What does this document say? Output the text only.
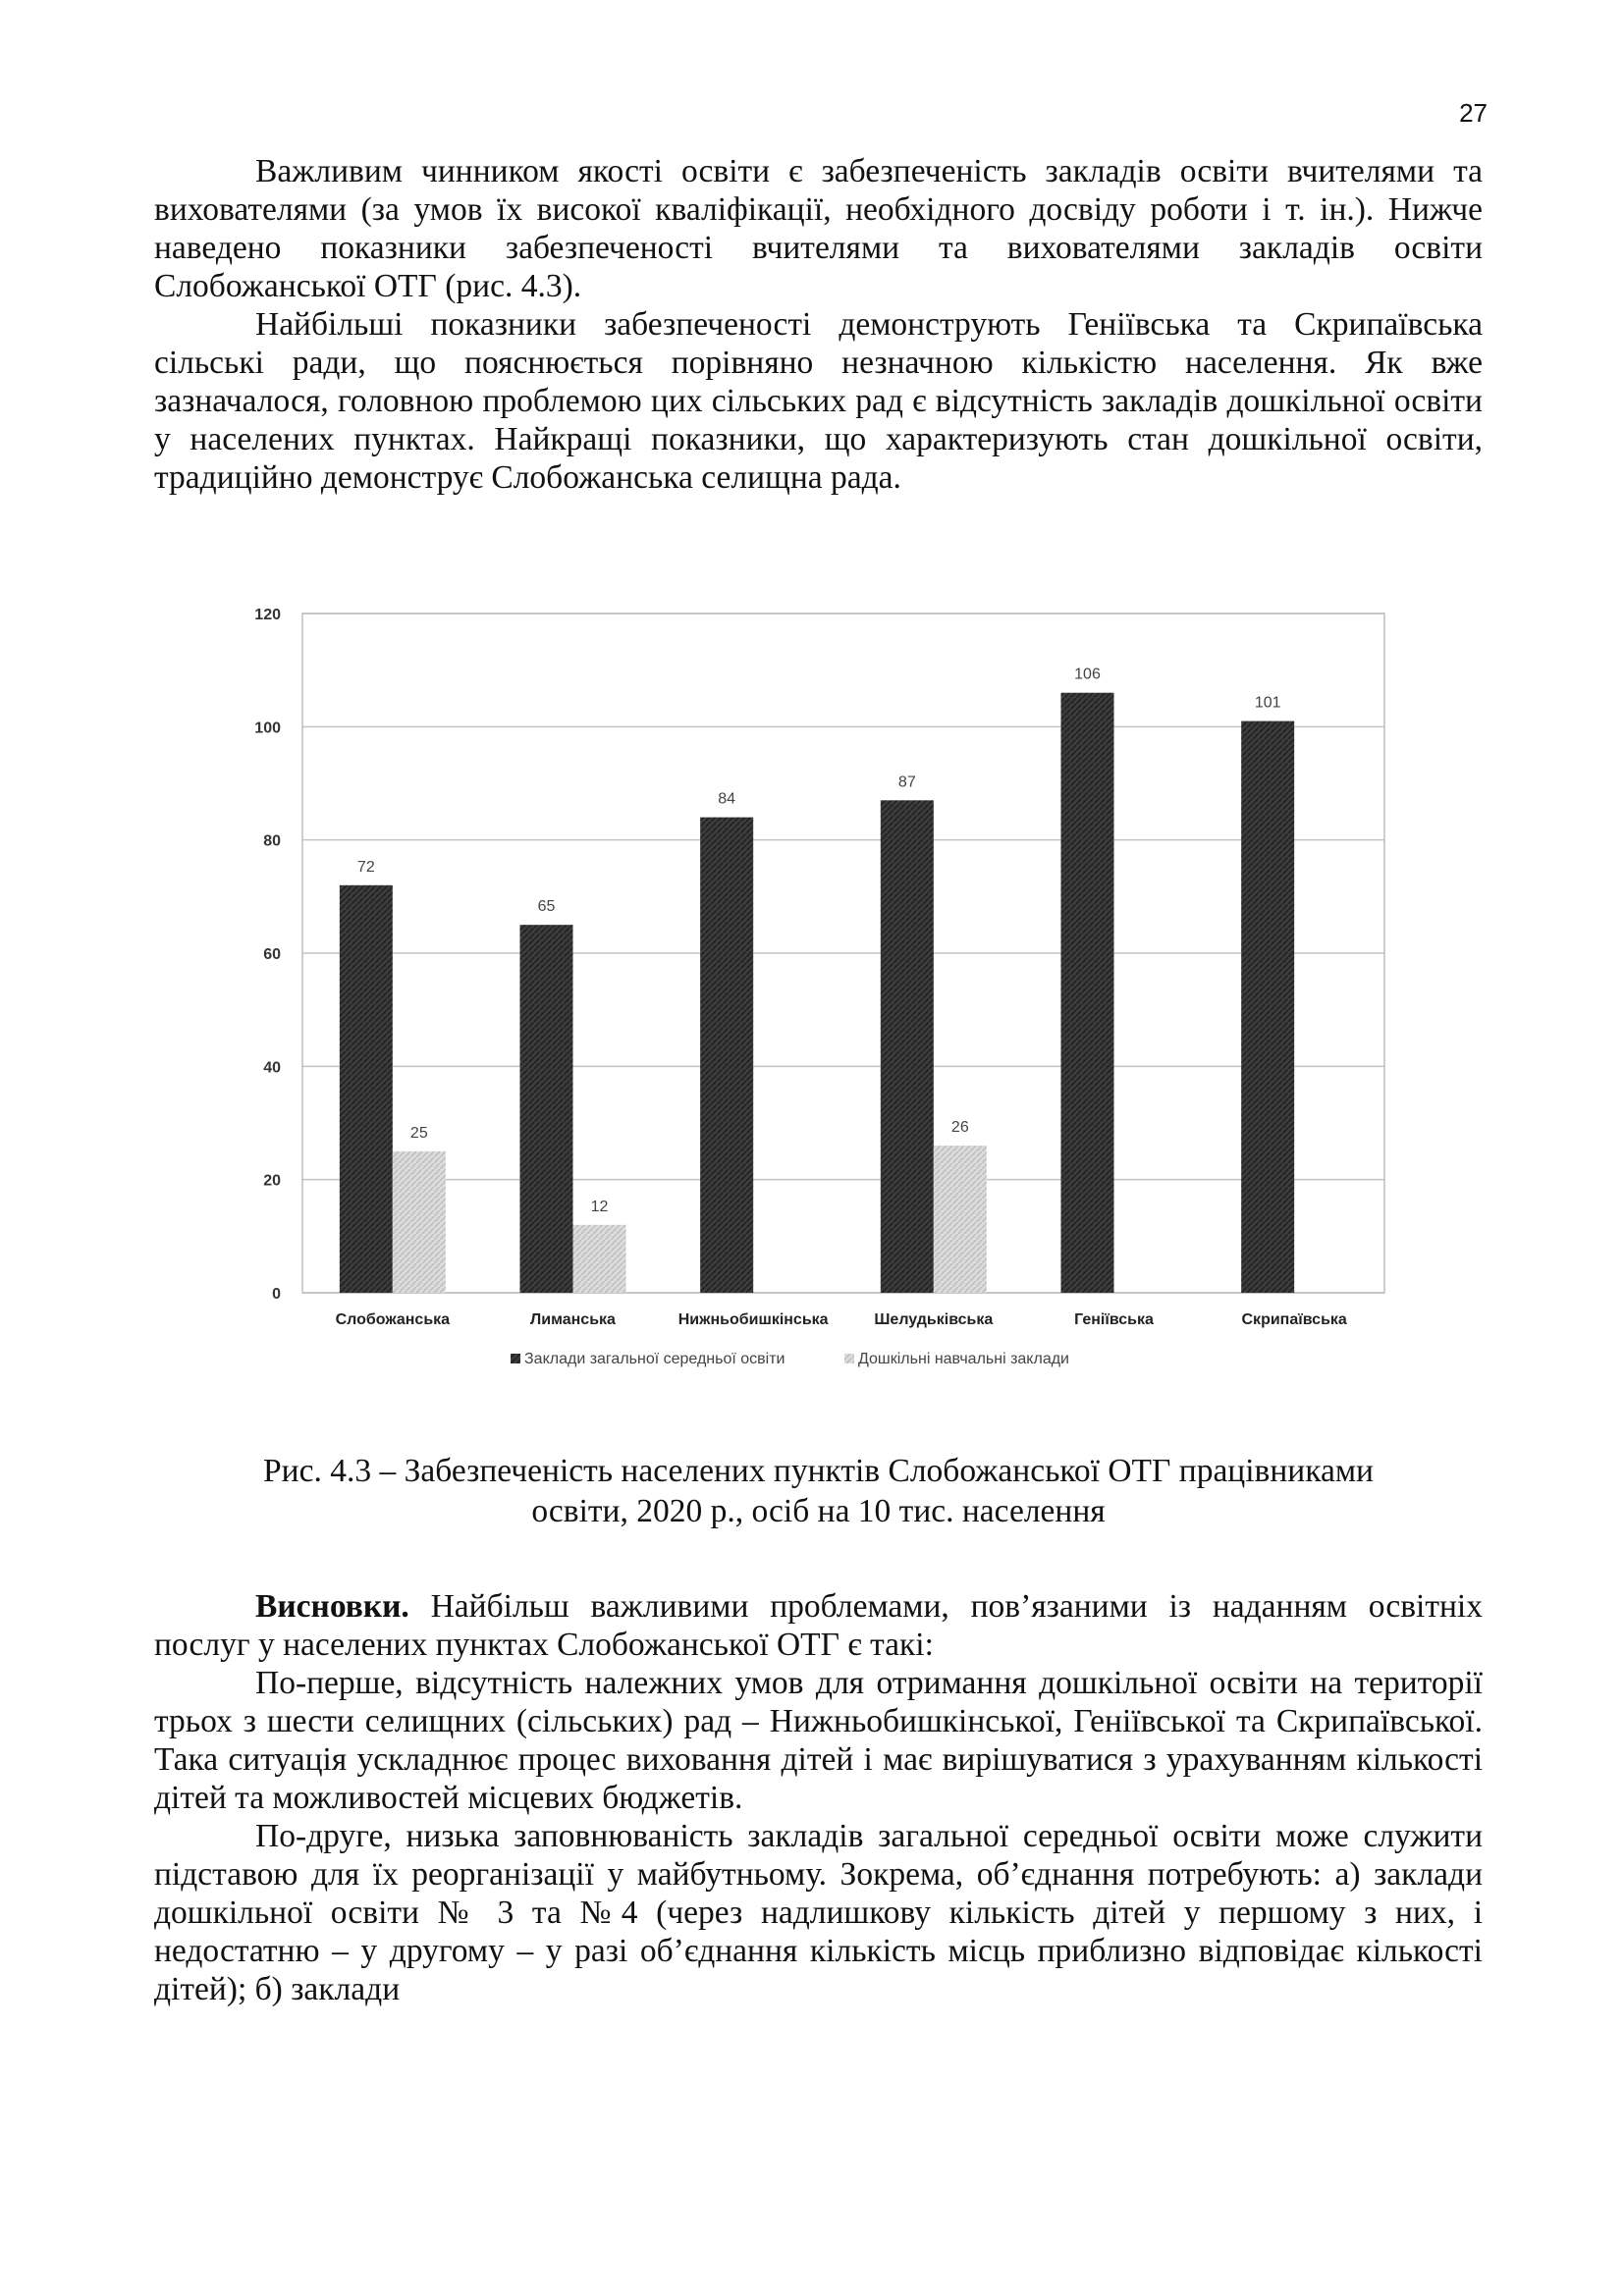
27

Важливим чинником якості освіти є забезпеченість закладів освіти вчителями та вихователями (за умов їх високої кваліфікації, необхідного досвіду роботи і т. ін.). Нижче наведено показники забезпеченості вчителями та вихователями закладів освіти Слобожанської ОТГ (рис. 4.3).

Найбільші показники забезпеченості демонструють Геніївська та Скрипаївська сільські ради, що пояснюється порівняно незначною кількістю населення. Як вже зазначалося, головною проблемою цих сільських рад є відсутність закладів дошкільної освіти у населених пунктах. Найкращі показники, що характеризують стан дошкільної освіти, традиційно демонструє Слобожанська селищна рада.

0
20
40
60
80
100
120
72
25
Слобожанська
65
12
Лиманська
84
Нижньобишкінська
87
26
Шелудьківська
106
Геніївська
101
Скрипаївська
Заклади загальної середньої освіти	Дошкільні навчальні заклади
Рис. 4.3 – Забезпеченість населених пунктів Слобожанської ОТГ працівниками
освіти, 2020 р., осіб на 10 тис. населення

Висновки. Найбільш важливими проблемами, пов’язаними із наданням освітніх послуг у населених пунктах Слобожанської ОТГ є такі:

По-перше, відсутність належних умов для отримання дошкільної освіти на території трьох з шести селищних (сільських) рад – Нижньобишкінської, Геніївської та Скрипаївської. Така ситуація ускладнює процес виховання дітей і має вирішуватися з урахуванням кількості дітей та можливостей місцевих бюджетів.

По-друге, низька заповнюваність закладів загальної середньої освіти може служити підставою для їх реорганізації у майбутньому. Зокрема, об’єднання потребують: а) заклади дошкільної освіти № 3 та №4 (через надлишкову кількість дітей у першому з них, і недостатню – у другому – у разі об’єднання кількість місць приблизно відповідає кількості дітей); б) заклади
